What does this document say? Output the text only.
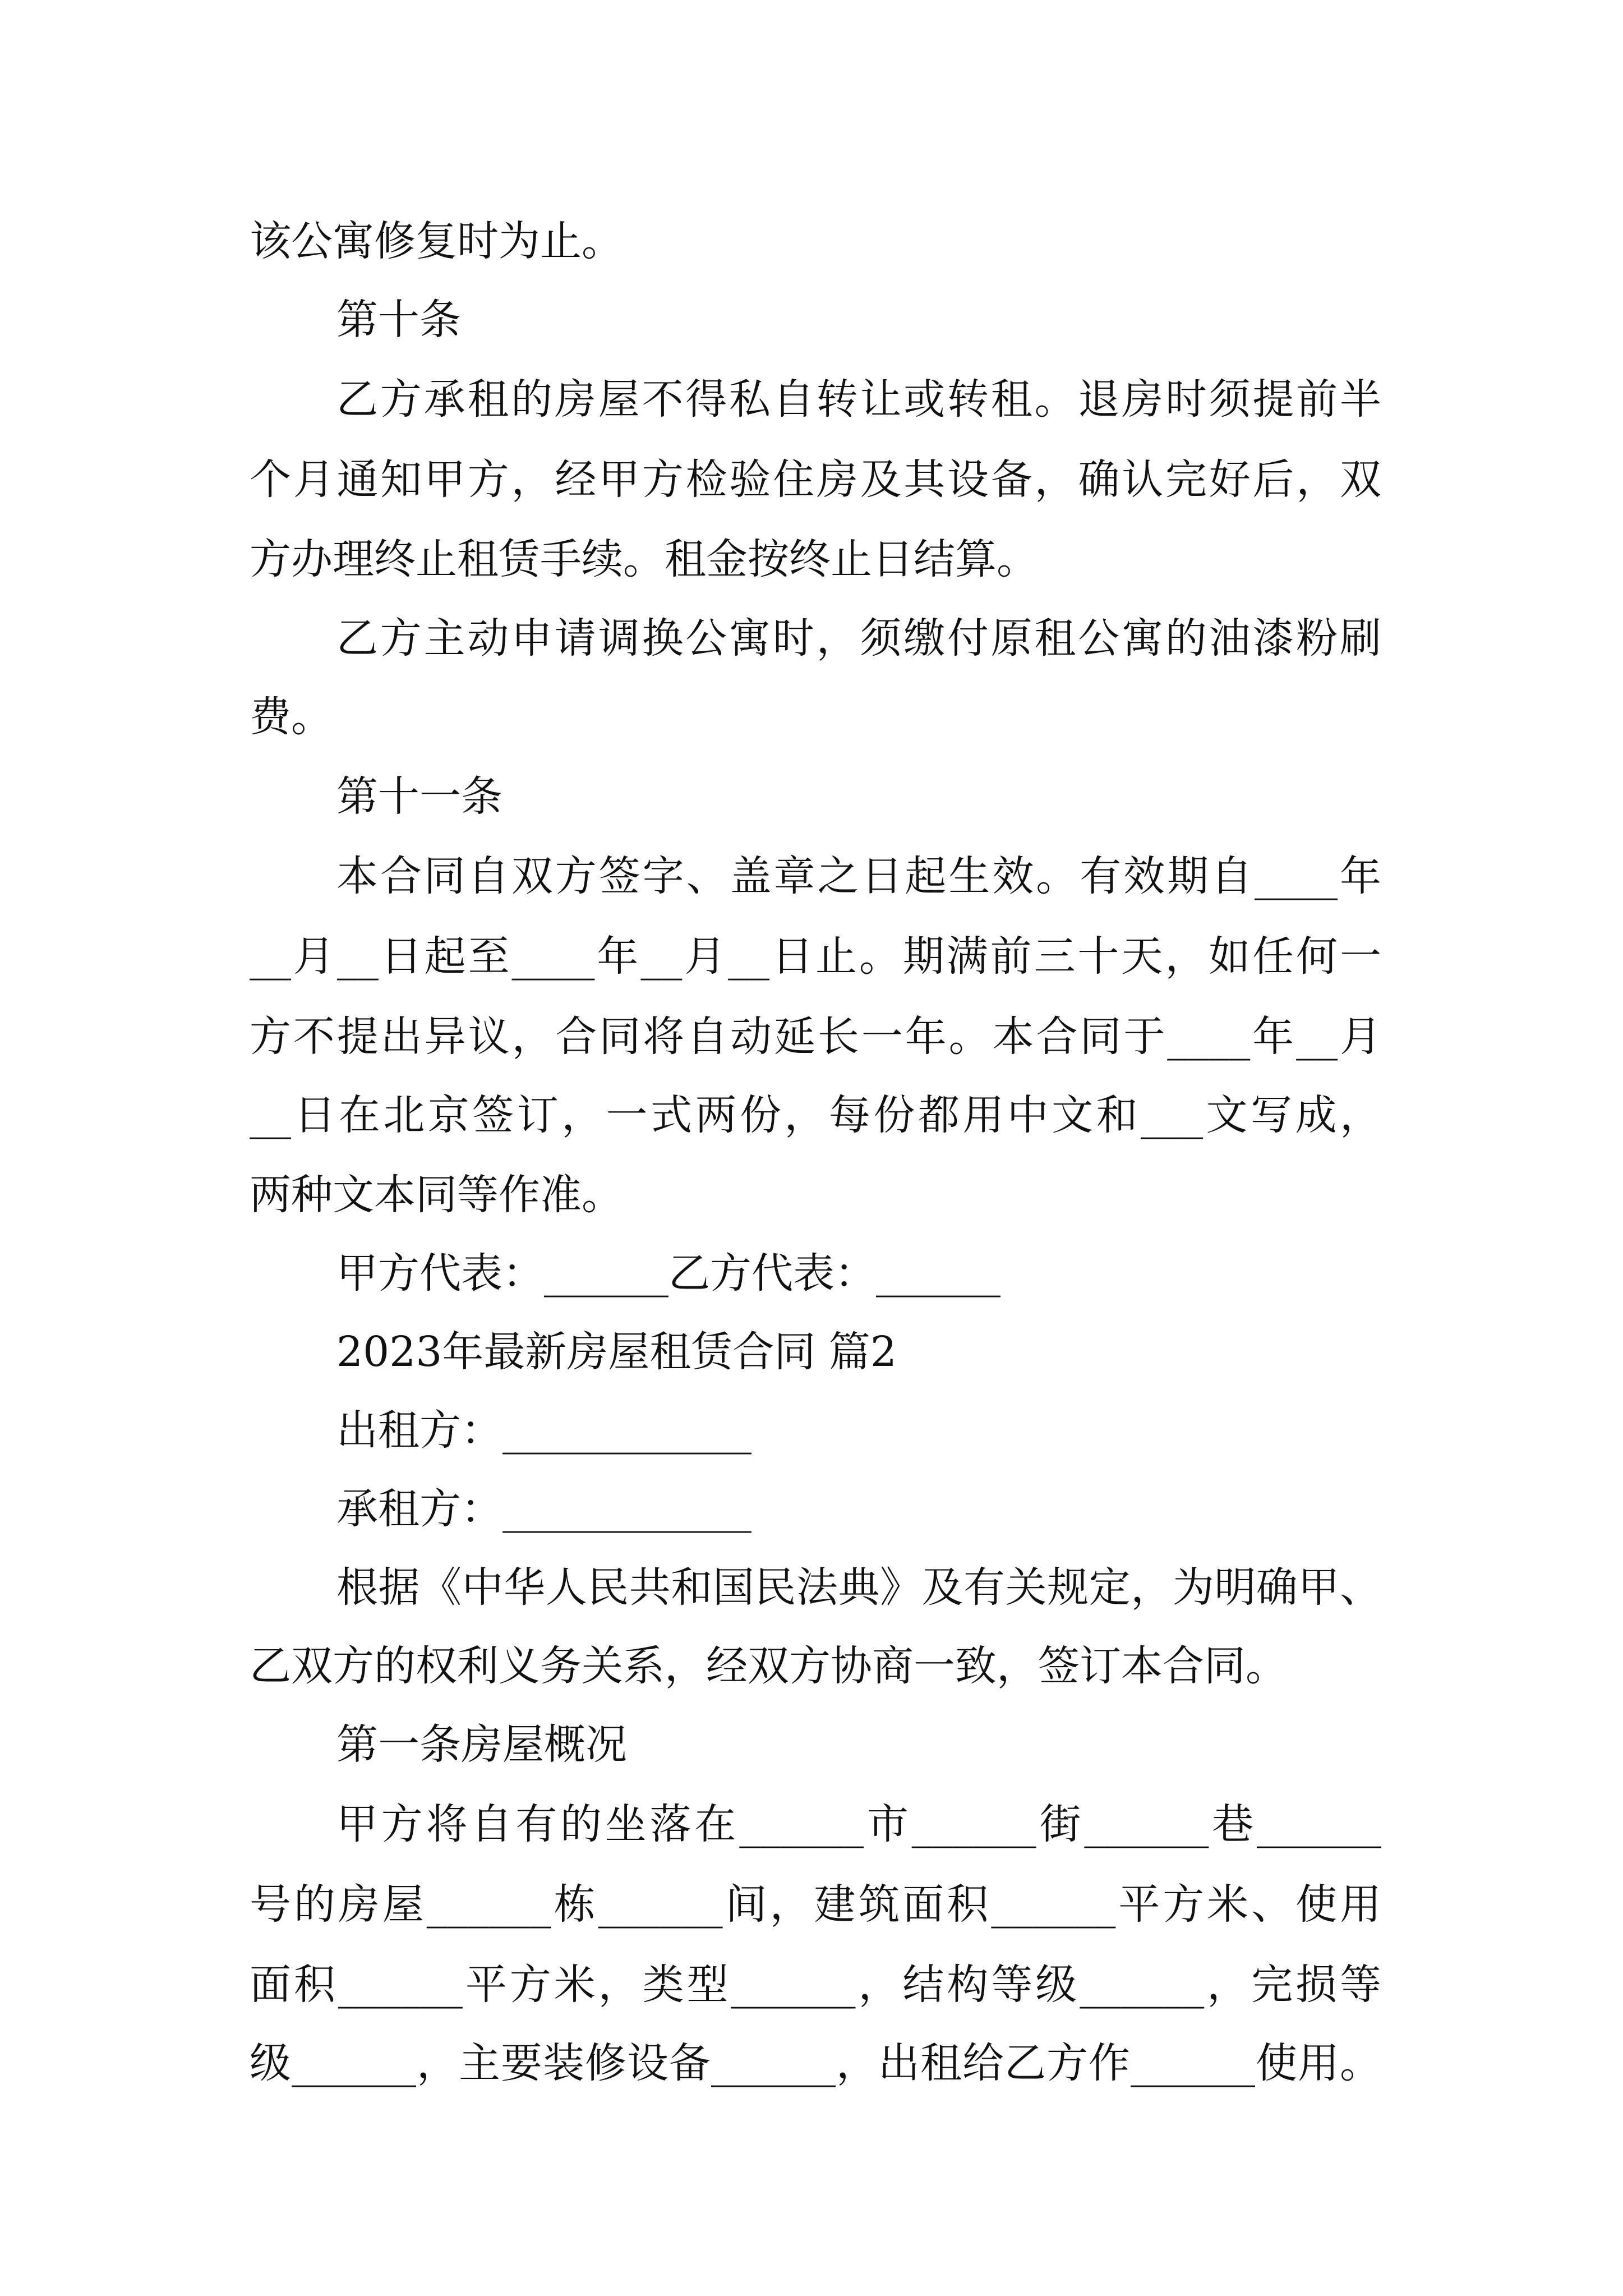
该公寓修复时为止。
第十条
乙方承租的房屋不得私自转让或转租。退房时须提前半
个月通知甲方，经甲方检验住房及其设备，确认完好后，双
方办理终止租赁手续。租金按终止日结算。
乙方主动申请调换公寓时，须缴付原租公寓的油漆粉刷
费。
第十一条
本合同自双方签字、盖章之日起生效。有效期自____年
__月__日起至____年__月__日止。期满前三十天，如任何一
方不提出异议，合同将自动延长一年。本合同于____年__月
__日在北京签订，一式两份，每份都用中文和___文写成，
两种文本同等作准。
甲方代表：______乙方代表：______
2023年最新房屋租赁合同 篇2
出租方：____________
承租方：____________
根据《中华人民共和国民法典》及有关规定，为明确甲、
乙双方的权利义务关系，经双方协商一致，签订本合同。
第一条房屋概况
甲方将自有的坐落在______市______街______巷______
号的房屋______栋______间，建筑面积______平方米、使用
面积______平方米，类型______，结构等级______，完损等
级______，主要装修设备______，出租给乙方作______使用。
